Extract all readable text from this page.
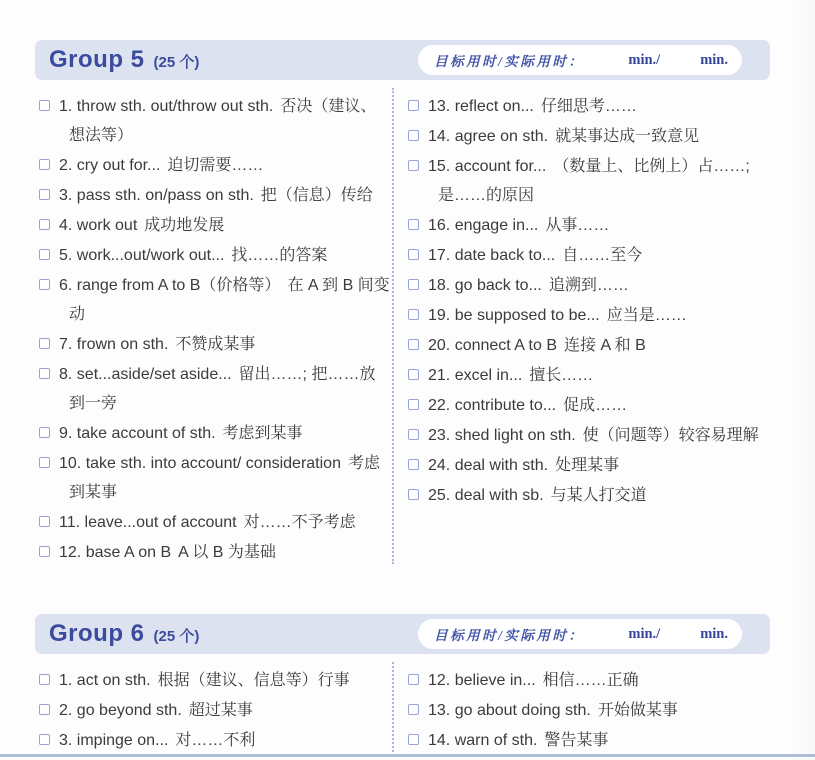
Group 5 (25 个)	目标用时/实际用时：	min./	min.
1. throw sth. out/throw out sth. 否决（建议、想法等）
2. cry out for... 迫切需要……
3. pass sth. on/pass on sth. 把（信息）传给
4. work out 成功地发展
5. work...out/work out... 找……的答案
6. range from A to B（价格等） 在 A 到 B 间变动
7. frown on sth. 不赞成某事
8. set...aside/set aside... 留出……; 把……放到一旁
9. take account of sth. 考虑到某事
10. take sth. into account/ consideration 考虑到某事
11. leave...out of account 对……不予考虑
12. base A on B A 以 B 为基础
13. reflect on... 仔细思考……
14. agree on sth. 就某事达成一致意见
15. account for... （数量上、比例上）占……; 是……的原因
16. engage in... 从事……
17. date back to... 自……至今
18. go back to... 追溯到……
19. be supposed to be... 应当是……
20. connect A to B 连接 A 和 B
21. excel in... 擅长……
22. contribute to... 促成……
23. shed light on sth. 使（问题等）较容易理解
24. deal with sth. 处理某事
25. deal with sb. 与某人打交道
Group 6 (25 个)	目标用时/实际用时：	min./	min.
1. act on sth. 根据（建议、信息等）行事
2. go beyond sth. 超过某事
3. impinge on... 对……不利
12. believe in... 相信……正确
13. go about doing sth. 开始做某事
14. warn of sth. 警告某事
